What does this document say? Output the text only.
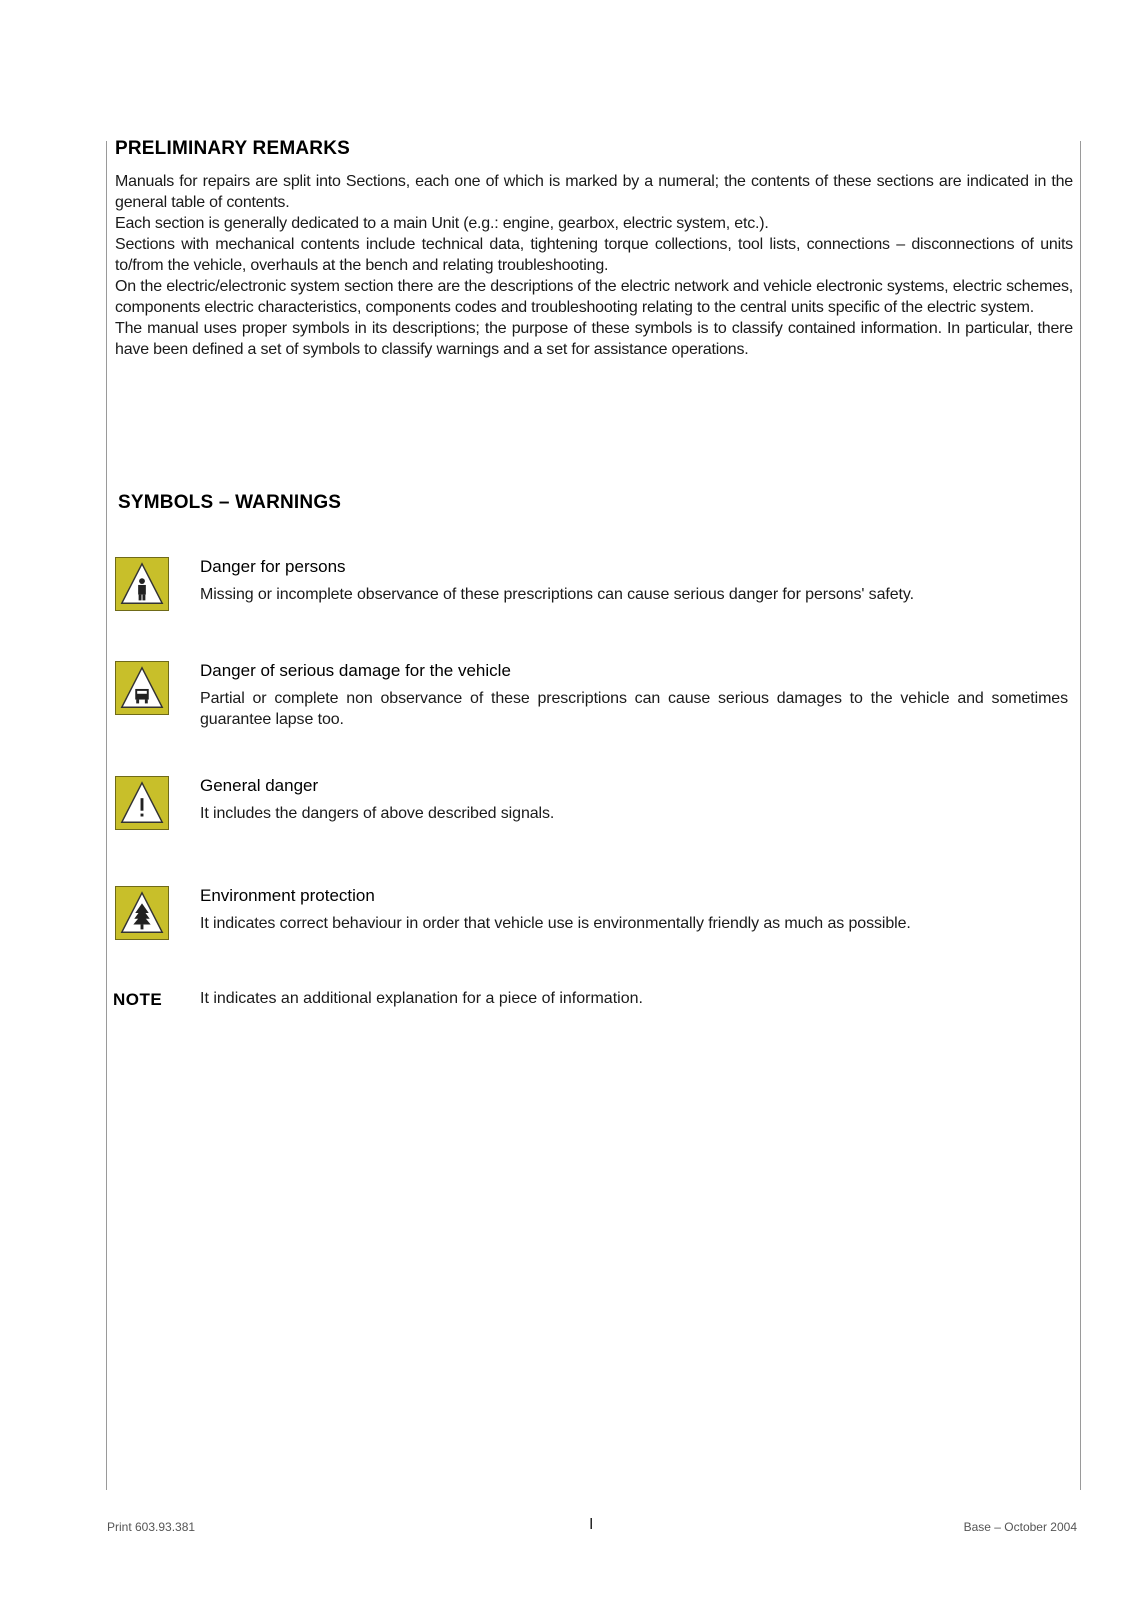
PRELIMINARY REMARKS

Manuals for repairs are split into Sections, each one of which is marked by a numeral; the contents of these sections are indicated in the general table of contents.

Each section is generally dedicated to a main Unit (e.g.: engine, gearbox, electric system, etc.).

Sections with mechanical contents include technical data, tightening torque collections, tool lists, connections – disconnections of units to/from the vehicle, overhauls at the bench and relating troubleshooting.

On the electric/electronic system section there are the descriptions of the electric network and vehicle electronic systems, electric schemes, components electric characteristics, components codes and troubleshooting relating to the central units specific of the electric system.

The manual uses proper symbols in its descriptions; the purpose of these symbols is to classify contained information. In particular, there have been defined a set of symbols to classify warnings and a set for assistance operations.

SYMBOLS – WARNINGS
Danger for persons
Missing or incomplete observance of these prescriptions can cause serious danger for persons' safety.
Danger of serious damage for the vehicle
Partial or complete non observance of these prescriptions can cause serious damages to the vehicle and sometimes guarantee lapse too.
General danger
It includes the dangers of above described signals.
Environment protection
It indicates correct behaviour in order that vehicle use is environmentally friendly as much as possible.
NOTE It indicates an additional explanation for a piece of information.
Print 603.93.381	I	Base – October 2004
